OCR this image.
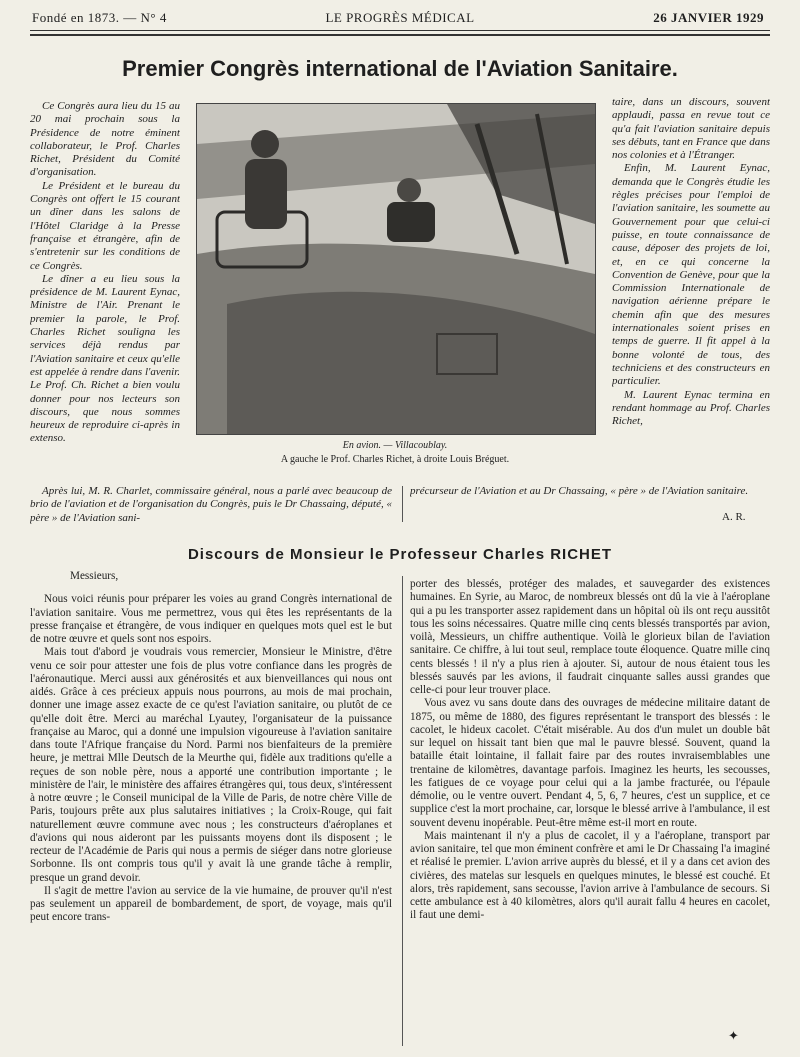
Fondé en 1873. — N° 4	LE PROGRÈS MÉDICAL	26 JANVIER 1929
Premier Congrès international de l'Aviation Sanitaire.

Ce Congrès aura lieu du 15 au 20 mai prochain sous la Présidence de notre éminent collaborateur, le Prof. Charles Richet, Président du Comité d'organisation.

Le Président et le bureau du Congrès ont offert le 15 courant un dîner dans les salons de l'Hôtel Claridge à la Presse française et étrangère, afin de s'entretenir sur les conditions de ce Congrès.

Le dîner a eu lieu sous la présidence de M. Laurent Eynac, Ministre de l'Air. Prenant le premier la parole, le Prof. Charles Richet souligna les services déjà rendus par l'Aviation sanitaire et ceux qu'elle est appelée à rendre dans l'avenir. Le Prof. Ch. Richet a bien voulu donner pour nos lecteurs son discours, que nous sommes heureux de reproduire ci-après in extenso.

En avion. — Villacoublay.
A gauche le Prof. Charles Richet, à droite Louis Bréguet.

taire, dans un discours, souvent applaudi, passa en revue tout ce qu'a fait l'aviation sanitaire depuis ses débuts, tant en France que dans nos colonies et à l'Étranger.

Enfin, M. Laurent Eynac, demanda que le Congrès étudie les règles précises pour l'emploi de l'aviation sanitaire, les soumette au Gouvernement pour que celui-ci puisse, en toute connaissance de cause, déposer des projets de loi, et, en ce qui concerne la Convention de Genève, pour que la Commission Internationale de navigation aérienne prépare le chemin afin que des mesures internationales soient prises en temps de guerre. Il fit appel à la bonne volonté de tous, des techniciens et des constructeurs en particulier.

M. Laurent Eynac termina en rendant hommage au Prof. Charles Richet,

Après lui, M. R. Charlet, commissaire général, nous a parlé avec beaucoup de brio de l'aviation et de l'organisation du Congrès, puis le Dr Chassaing, député, « père » de l'Aviation sani-

précurseur de l'Aviation et au Dr Chassaing, « père » de l'Aviation sanitaire.

A. R.
Discours de Monsieur le Professeur Charles RICHET

Messieurs,

Nous voici réunis pour préparer les voies au grand Congrès international de l'aviation sanitaire. Vous me permettrez, vous qui êtes les représentants de la presse française et étrangère, de vous indiquer en quelques mots quel est le but de notre œuvre et quels sont nos espoirs.

Mais tout d'abord je voudrais vous remercier, Monsieur le Ministre, d'être venu ce soir pour attester une fois de plus votre confiance dans les progrès de l'aéronautique. Merci aussi aux générosités et aux bienveillances qui nous ont aidés. Grâce à ces précieux appuis nous pourrons, au mois de mai prochain, donner une image assez exacte de ce qu'est l'aviation sanitaire, ou plutôt de ce qu'elle doit être. Merci au maréchal Lyautey, l'organisateur de la puissance française au Maroc, qui a donné une impulsion vigoureuse à l'aviation sanitaire dans toute l'Afrique française du Nord. Parmi nos bienfaiteurs de la première heure, je mettrai Mlle Deutsch de la Meurthe qui, fidèle aux traditions qu'elle a reçues de son noble père, nous a apporté une contribution importante ; le ministère de l'air, le ministère des affaires étrangères qui, tous deux, s'intéressent à notre œuvre ; le Conseil municipal de la Ville de Paris, de notre chère Ville de Paris, toujours prête aux plus salutaires initiatives ; la Croix-Rouge, qui fait naturellement œuvre commune avec nous ; les constructeurs d'aéroplanes et d'avions qui nous aideront par les puissants moyens dont ils disposent ; le recteur de l'Académie de Paris qui nous a permis de siéger dans notre glorieuse Sorbonne. Ils ont compris tous qu'il y avait là une grande tâche à remplir, presque un grand devoir.

Il s'agit de mettre l'avion au service de la vie humaine, de prouver qu'il n'est pas seulement un appareil de bombardement, de sport, de voyage, mais qu'il peut encore trans-

porter des blessés, protéger des malades, et sauvegarder des existences humaines. En Syrie, au Maroc, de nombreux blessés ont dû la vie à l'aéroplane qui a pu les transporter assez rapidement dans un hôpital où ils ont reçu aussitôt tous les soins nécessaires. Quatre mille cinq cents blessés transportés par avion, voilà, Messieurs, un chiffre authentique. Voilà le glorieux bilan de l'aviation sanitaire. Ce chiffre, à lui tout seul, remplace toute éloquence. Quatre mille cinq cents blessés ! il n'y a plus rien à ajouter. Si, autour de nous étaient tous les blessés sauvés par les avions, il faudrait cinquante salles aussi grandes que celle-ci pour leur trouver place.

Vous avez vu sans doute dans des ouvrages de médecine militaire datant de 1875, ou même de 1880, des figures représentant le transport des blessés : le cacolet, le hideux cacolet. C'était misérable. Au dos d'un mulet un double bât sur lequel on hissait tant bien que mal le pauvre blessé. Souvent, quand la bataille était lointaine, il fallait faire par des routes invraisemblables une trentaine de kilomètres, davantage parfois. Imaginez les heurts, les secousses, les fatigues de ce voyage pour celui qui a la jambe fracturée, ou l'épaule démolie, ou le ventre ouvert. Pendant 4, 5, 6, 7 heures, c'est un supplice, et ce supplice c'est la mort prochaine, car, lorsque le blessé arrive à l'ambulance, il est souvent devenu inopérable. Peut-être même est-il mort en route.

Mais maintenant il n'y a plus de cacolet, il y a l'aéroplane, transport par avion sanitaire, tel que mon éminent confrère et ami le Dr Chassaing l'a imaginé et réalisé le premier. L'avion arrive auprès du blessé, et il y a dans cet avion des civières, des matelas sur lesquels en quelques minutes, le blessé est couché. Et alors, très rapidement, sans secousse, l'avion arrive à l'ambulance de secours. Si cette ambulance est à 40 kilomètres, alors qu'il aurait fallu 4 heures en cacolet, il faut une demi-

✦
